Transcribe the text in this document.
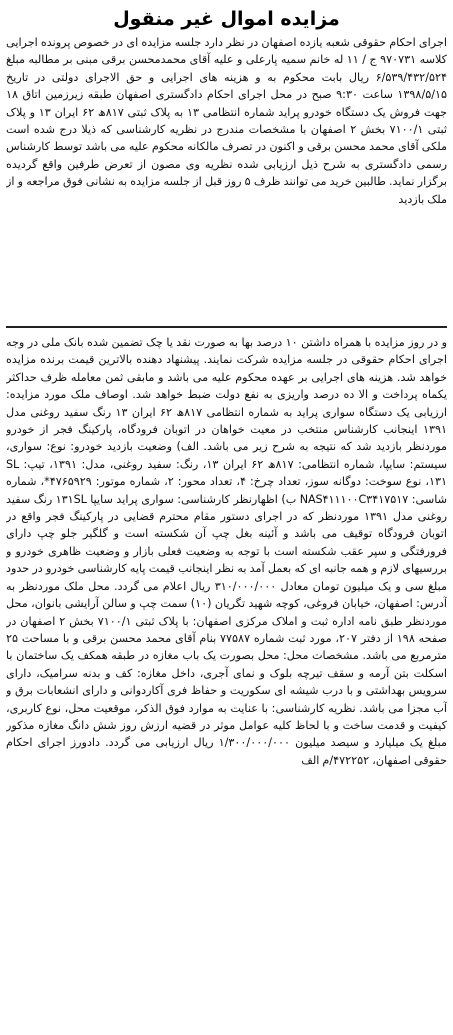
مزایده اموال غیر منقول

اجرای احکام حقوقی شعبه یازده اصفهان در نظر دارد جلسه مزایده ای در خصوص پرونده اجرایی کلاسه ۹۷۰۷۳۱ ج / ۱۱ له خانم سمیه پارعلی و علیه آقای محمدمحسن برقی مبنی بر مطالبه مبلغ ۶/۵۳۹/۴۳۲/۵۲۴ ریال بابت محکوم به و هزینه های اجرایی و حق الاجرای دولتی در تاریخ ۱۳۹۸/۵/۱۵ ساعت ۹:۳۰ صبح در محل اجرای احکام دادگستری اصفهان طبقه زیرزمین اتاق ۱۸ جهت فروش یک دستگاه خودرو پراید شماره انتظامی ۱۳ به پلاک ثبتی ۸۱۷ھ ۶۲ ایران ۱۳ و پلاک ثبتی ۷۱۰۰/۱ بخش ۲ اصفهان با مشخصات مندرج در نظریه کارشناسی که ذیلا درج شده است ملکی آقای محمد محسن برقی و اکنون در تصرف مالکانه محکوم علیه می باشد توسط کارشناس رسمی دادگستری به شرح ذیل ارزیابی شده نظریه وی مصون از تعرض طرفین واقع گردیده برگزار نماید. طالبین خرید می توانند ظرف ۵ روز قبل از جلسه مزایده به نشانی فوق مراجعه و از ملک بازدید

و در روز مزایده با همراه داشتن ۱۰ درصد بها به صورت نقد یا چک تضمین شده بانک ملی در وجه اجرای احکام حقوقی در جلسه مزایده شرکت نمایند. پیشنهاد دهنده بالاترین قیمت برنده مزایده خواهد شد. هزینه های اجرایی بر عهده محکوم علیه می باشد و مابقی ثمن معامله ظرف حداکثر یکماه پرداخت و الا ده درصد واریزی به نفع دولت ضبط خواهد شد. اوصاف ملک مورد مزایده: ارزیابی یک دستگاه سواری پراید به شماره انتظامی ۸۱۷ھ ۶۲ ایران ۱۳ رنگ سفید روغنی مدل ۱۳۹۱ اینجانب کارشناس منتخب در معیت خواهان در اتوبان فرودگاه، پارکینگ فجر از خودرو موردنظر بازدید شد که نتیجه به شرح زیر می باشد. الف) وضعیت بازدید خودرو: نوع: سواری، سیستم: سایپا، شماره انتظامی: ۸۱۷ھ ۶۲ ایران ۱۳، رنگ: سفید روغنی، مدل: ۱۳۹۱، تیپ: SL ۱۳۱، نوع سوخت: دوگانه سوز، تعداد چرخ: ۴، تعداد محور: ۲، شماره موتور: ۴۷۶۵۹۲۹*، شماره شاسی: NAS۴۱۱۱۰۰C۳۴۱۷۵۱۷ ب) اظهارنظر کارشناسی: سواری پراید سایپا ۱۳۱SL رنگ سفید روغنی مدل ۱۳۹۱ موردنظر که در اجرای دستور مقام محترم قضایی در پارکینگ فجر واقع در اتوبان فرودگاه توقیف می باشد و آئینه بغل چپ آن شکسته است و گلگیر جلو چپ دارای فرورفتگی و سپر عقب شکسته است با توجه به وضعیت فعلی بازار و وضعیت ظاهری خودرو و بررسیهای لازم و همه جانبه ای که بعمل آمد به نظر اینجانب قیمت پایه کارشناسی خودرو در حدود مبلغ سی و یک میلیون تومان معادل ۳۱۰/۰۰۰/۰۰۰ ریال اعلام می گردد. محل ملک موردنظر به آدرس: اصفهان، خیابان فروغی، کوچه شهید تگریان (۱۰) سمت چپ و سالن آرایشی بانوان، محل موردنظر طبق نامه اداره ثبت و املاک مرکزی اصفهان: با پلاک ثبتی ۷۱۰۰/۱ بخش ۲ اصفهان در صفحه ۱۹۸ از دفتر ۲۰۷، مورد ثبت شماره ۷۷۵۸۷ بنام آقای محمد محسن برقی و با مساحت ۲۵ مترمربع می باشد. مشخصات محل: محل بصورت یک باب مغازه در طبقه همکف یک ساختمان با اسکلت بتن آرمه و سقف تیرچه بلوک و نمای آجری، داخل مغازه: کف و بدنه سرامیک، دارای سرویس بهداشتی و با درب شیشه ای سکوریت و حفاظ فری آکاردوانی و دارای انشعابات برق و آب مجزا می باشد. نظریه کارشناسی: با عنایت به موارد فوق الذکر، موقعیت محل، نوع کاربری، کیفیت و قدمت ساخت و با لحاظ کلیه عوامل موثر در قضیه ارزش روز شش دانگ مغازه مذکور مبلغ یک میلیارد و سیصد میلیون ۱/۳۰۰/۰۰۰/۰۰۰ ریال ارزیابی می گردد. دادورز اجرای احکام حقوقی اصفهان، ۴۷۲۲۵۲/م الف
